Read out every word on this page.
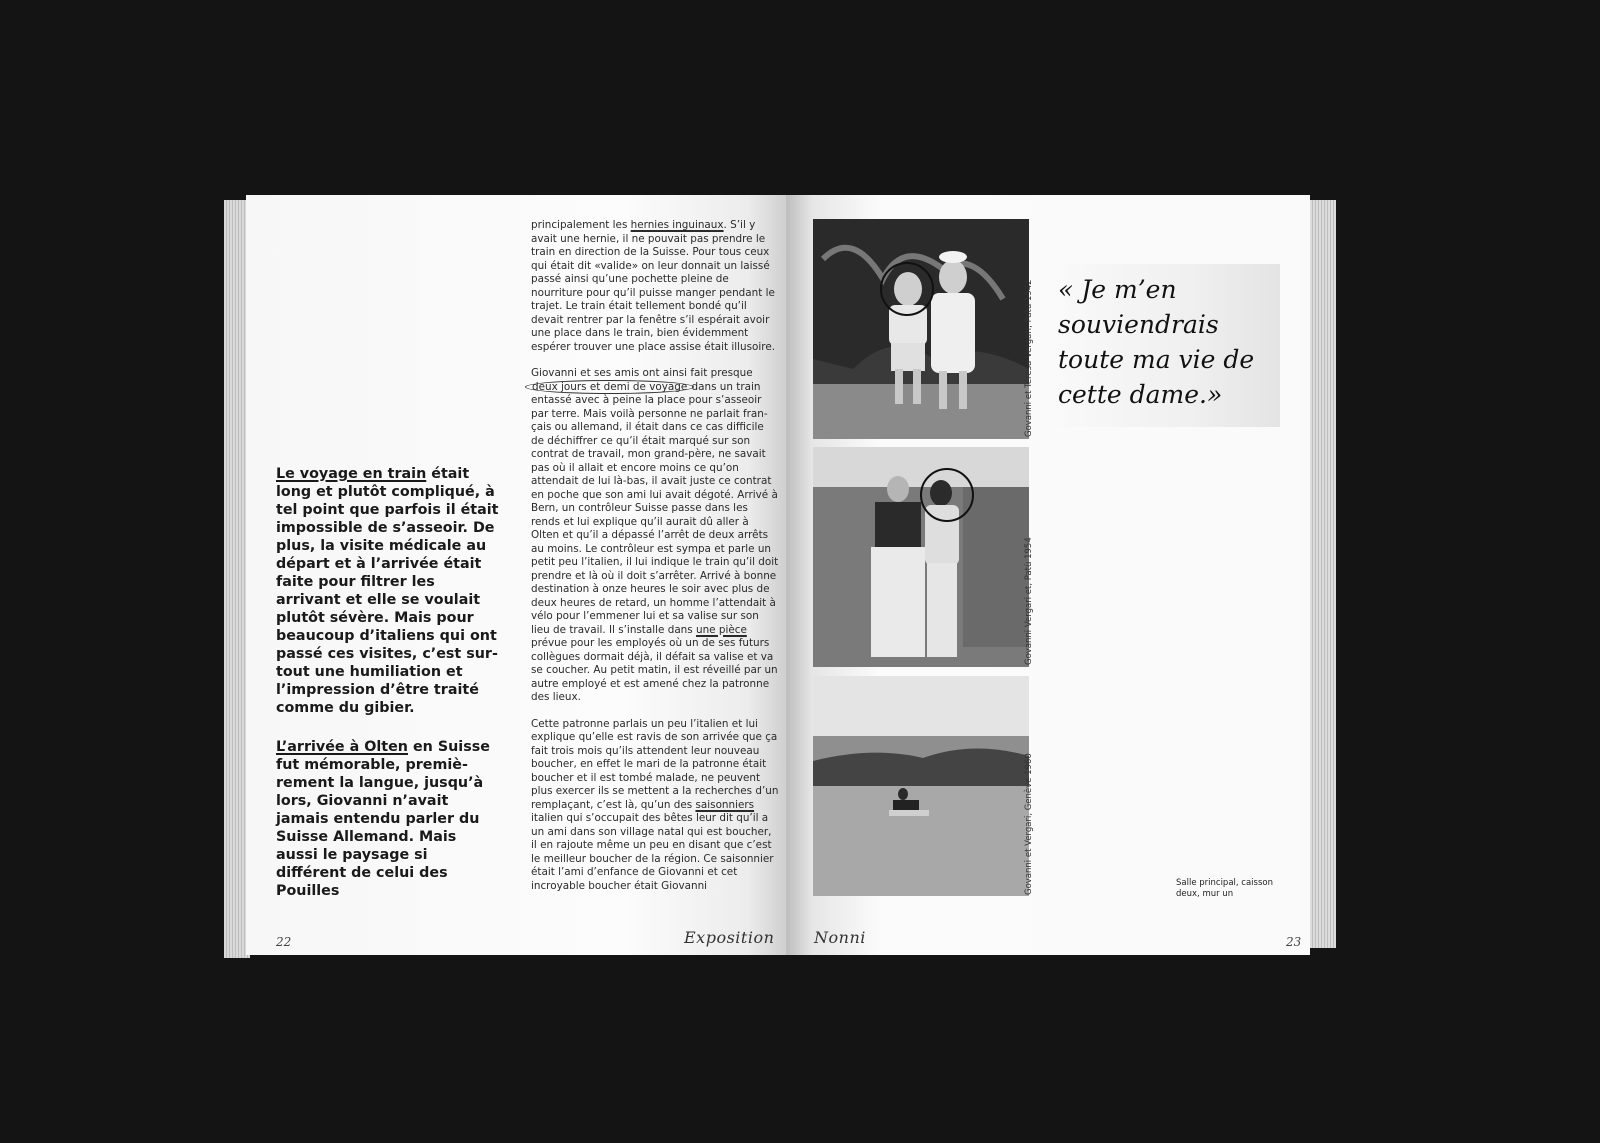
Le voyage en train était long et plutôt compliqué, à tel point que parfois il était impossible de s’asseoir. De plus, la visite médicale au départ et à l’arrivée était faite pour filtrer les arrivant et elle se voulait plutôt sévère. Mais pour beaucoup d’italiens qui ont passé ces visites, c’est surtout une humiliation et l’impression d’être traité comme du gibier.

L’arrivée à Olten en Suisse fut mémorable, premièrement la langue, jusqu’à lors, Giovanni n’avait jamais entendu parler du Suisse Allemand. Mais aussi le paysage si différent de celui des Pouilles

principalement les hernies inguinaux. S’il y avait une hernie, il ne pouvait pas prendre le train en direction de la Suisse. Pour tous ceux qui était dit «valide» on leur donnait un laissé passé ainsi qu’une pochette pleine de nourriture pour qu’il puisse manger pendant le trajet. Le train était tellement bondé qu’il devait rentrer par la fenêtre s’il espérait avoir une place dans le train, bien évidemment espérer trouver une place assise était illusoire.

Giovanni et ses amis ont ainsi fait presque deux jours et demi de voyage dans un train entassé avec à peine la place pour s’asseoir par terre. Mais voilà personne ne parlait français ou allemand, il était dans ce cas difficile de déchiffrer ce qu’il était marqué sur son contrat de travail, mon grand-père, ne savait pas où il allait et encore moins ce qu’on attendait de lui là-bas, il avait juste ce contrat en poche que son ami lui avait dégoté. Arrivé à Bern, un contrôleur Suisse passe dans les rends et lui explique qu’il aurait dû aller à Olten et qu’il a dépassé l’arrêt de deux arrêts au moins. Le contrôleur est sympa et parle un petit peu l’italien, il lui indique le train qu’il doit prendre et là où il doit s’arrêter. Arrivé à bonne destination à onze heures le soir avec plus de deux heures de retard, un homme l’attendait à vélo pour l’emmener lui et sa valise sur son lieu de travail. Il s’installe dans une pièce prévue pour les employés où un de ses futurs collègues dormait déjà, il défait sa valise et va se coucher. Au petit matin, il est réveillé par un autre employé et est amené chez la patronne des lieux.

Cette patronne parlais un peu l’italien et lui explique qu’elle est ravis de son arrivée que ça fait trois mois qu’ils attendent leur nouveau boucher, en effet le mari de la patronne était boucher et il est tombé malade, ne peuvent plus exercer ils se mettent a la recherches d’un remplaçant, c’est là, qu’un des saisonniers italien qui s’occupait des bêtes leur dit qu’il a un ami dans son village natal qui est boucher, il en rajoute même un peu en disant que c’est le meilleur boucher de la région. Ce saisonnier était l’ami d’enfance de Giovanni et cet incroyable boucher était Giovanni

22	Exposition
Govanni et Teresa Vergari, Patù 1942
Govanni Vergari et, Patù 1954
Govanni et Vergari, Genève 1960

« Je m’en souviendrais toute ma vie de cette dame.»

Salle principal, caisson deux, mur un

Nonni	23
